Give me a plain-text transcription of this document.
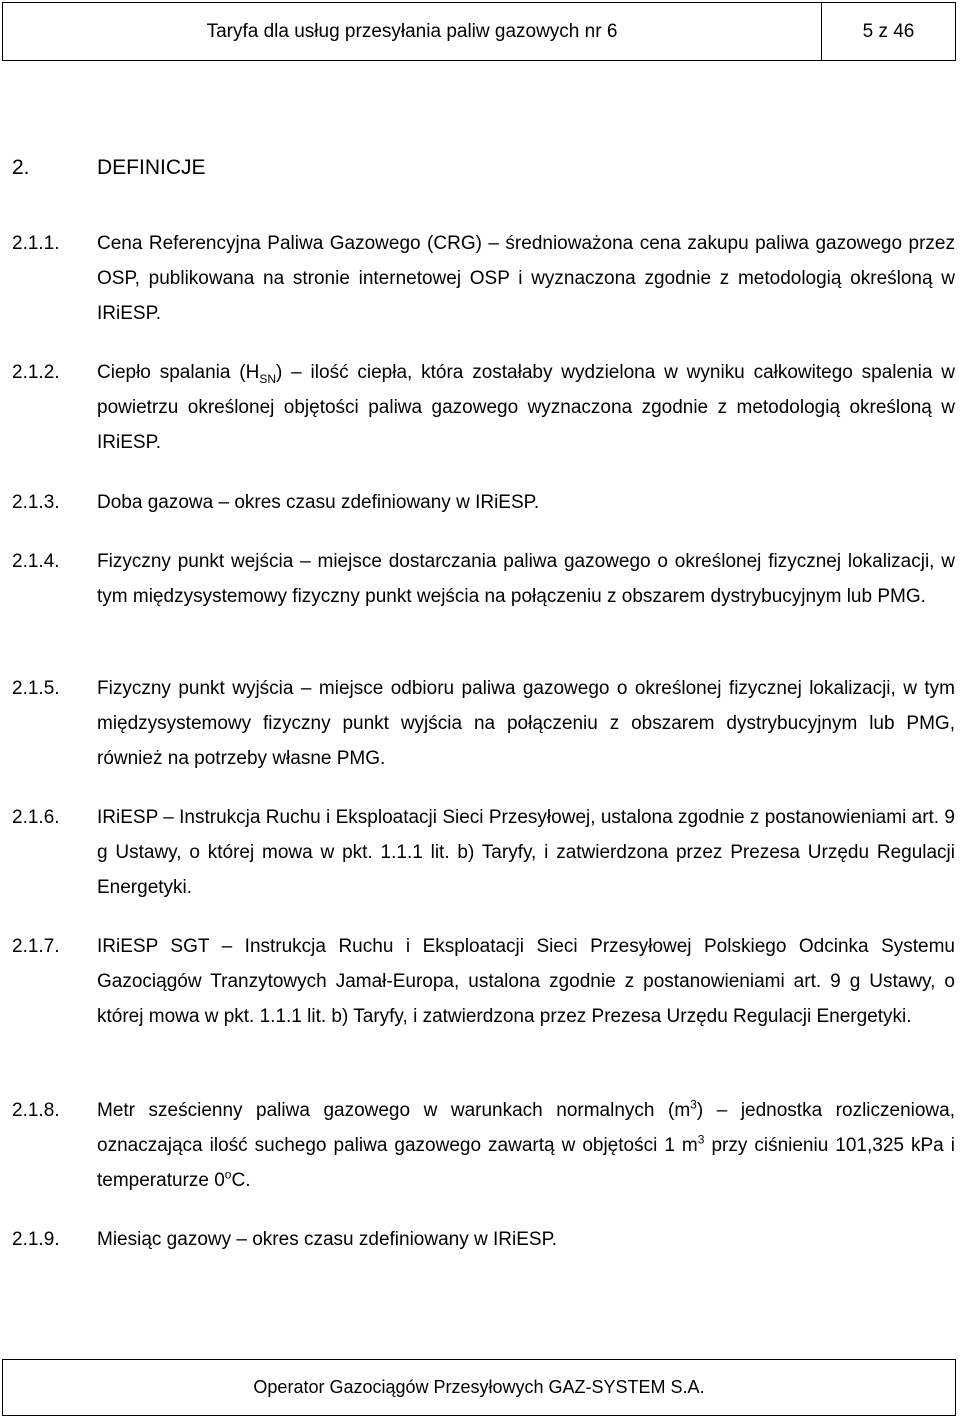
Taryfa dla usług przesyłania paliw gazowych nr 6	5 z 46
2.	DEFINICJE
2.1.1. Cena Referencyjna Paliwa Gazowego (CRG) – średnioważona cena zakupu paliwa gazowego przez OSP, publikowana na stronie internetowej OSP i wyznaczona zgodnie z metodologią określoną w IRiESP.
2.1.2. Ciepło spalania $(H_{SN})$ – ilość ciepła, która zostałaby wydzielona w wyniku całkowitego spalenia w powietrzu określonej objętości paliwa gazowego wyznaczona zgodnie z metodologią określoną w IRiESP.
2.1.3. Doba gazowa – okres czasu zdefiniowany w IRiESP.
2.1.4. Fizyczny punkt wejścia – miejsce dostarczania paliwa gazowego o określonej fizycznej lokalizacji, w tym międzysystemowy fizyczny punkt wejścia na połączeniu z obszarem dystrybucyjnym lub PMG.
2.1.5. Fizyczny punkt wyjścia – miejsce odbioru paliwa gazowego o określonej fizycznej lokalizacji, w tym międzysystemowy fizyczny punkt wyjścia na połączeniu z obszarem dystrybucyjnym lub PMG, również na potrzeby własne PMG.
2.1.6. IRiESP – Instrukcja Ruchu i Eksploatacji Sieci Przesyłowej, ustalona zgodnie z postanowieniami art. 9 g Ustawy, o której mowa w pkt. 1.1.1 lit. b) Taryfy, i zatwierdzona przez Prezesa Urzędu Regulacji Energetyki.
2.1.7. IRiESP SGT – Instrukcja Ruchu i Eksploatacji Sieci Przesyłowej Polskiego Odcinka Systemu Gazociągów Tranzytowych Jamał-Europa, ustalona zgodnie z postanowieniami art. 9 g Ustawy, o której mowa w pkt. 1.1.1 lit. b) Taryfy, i zatwierdzona przez Prezesa Urzędu Regulacji Energetyki.
2.1.8. Metr sześcienny paliwa gazowego w warunkach normalnych $(m^3)$ – jednostka rozliczeniowa, oznaczająca ilość suchego paliwa gazowego zawartą w objętości 1 $m^3$ przy ciśnieniu 101,325 kPa i temperaturze 0$^o$C.
2.1.9. Miesiąc gazowy – okres czasu zdefiniowany w IRiESP.
Operator Gazociągów Przesyłowych GAZ-SYSTEM S.A.
